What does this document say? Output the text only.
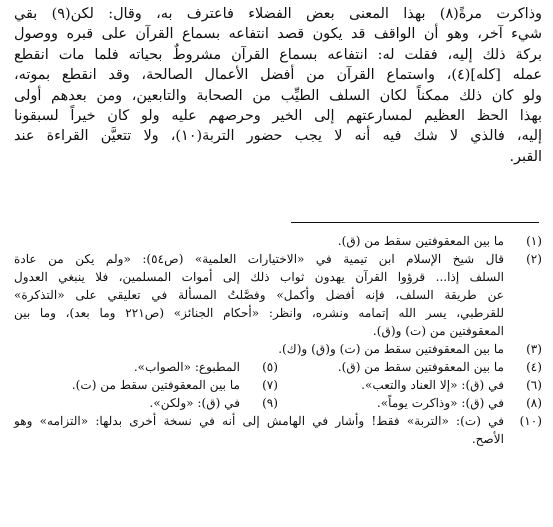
وذاكرت مرةً(٨) بهذا المعنى بعض الفضلاء فاعترف به، وقال: لكن(٩) بقي
شيء آخر، وهو أن الواقف قد يكون قصد انتفاعه بسماع القرآن على قبره ووصول
بركة ذلك إليه، فقلت له: انتفاعه بسماع القرآن مشروطٌ بحياته فلما مات انقطع
عمله [كله](٤)، واستماع القرآن من أفضل الأعمال الصالحة، وقد انقطع بموته،
ولو كان ذلك ممكناً لكان السلف الطيِّب من الصحابة والتابعين، ومن بعدهم أولى
بهذا الحظ العظيم لمسارعتهم إلى الخير وحرصهم عليه ولو كان خيراً لسبقونا
إليه، فالذي لا شك فيه أنه لا يجب حضور التربة(١٠)، ولا تتعيَّن القراءة عند
القبر.
(١)
ما بين المعقوفتين سقط من (ق).
(٢)
قال شيخ الإسلام ابن تيمية في «الاختيارات العلمية» (ص٥٤): «ولم يكن من عادة
السلف إذا... قرؤوا القرآن يهدون ثواب ذلك إلى أموات المسلمين، فلا ينبغي العدول
عن طريقة السلف، فإنه أفضل وأكمل» وفصَّلتُ المسألة في تعليقي على «التذكرة»
للقرطبي، يسر الله إتمامه ونشره، وانظر: «أحكام الجنائز» (ص٢٢١ وما بعد)، وما بين
المعقوفتين من (ت) و(ق).
(٣)
ما بين المعقوفتين سقط من (ت) و(ق) و(ك).
(٤)
ما بين المعقوفتين سقط من (ق).
(٥)
المطبوع: «الصواب».
(٦)
في (ق): «إلا العناد والتعب».
(٧)
ما بين المعقوفتين سقط من (ت).
(٨)
في (ق): «وذاكرت يوماً».
(٩)
في (ق): «ولكن».
(١٠)
في (ت): «التربة» فقط! وأشار في الهامش إلى أنه في نسخة أخرى بدلها: «التزامه» وهو
الأصح.
